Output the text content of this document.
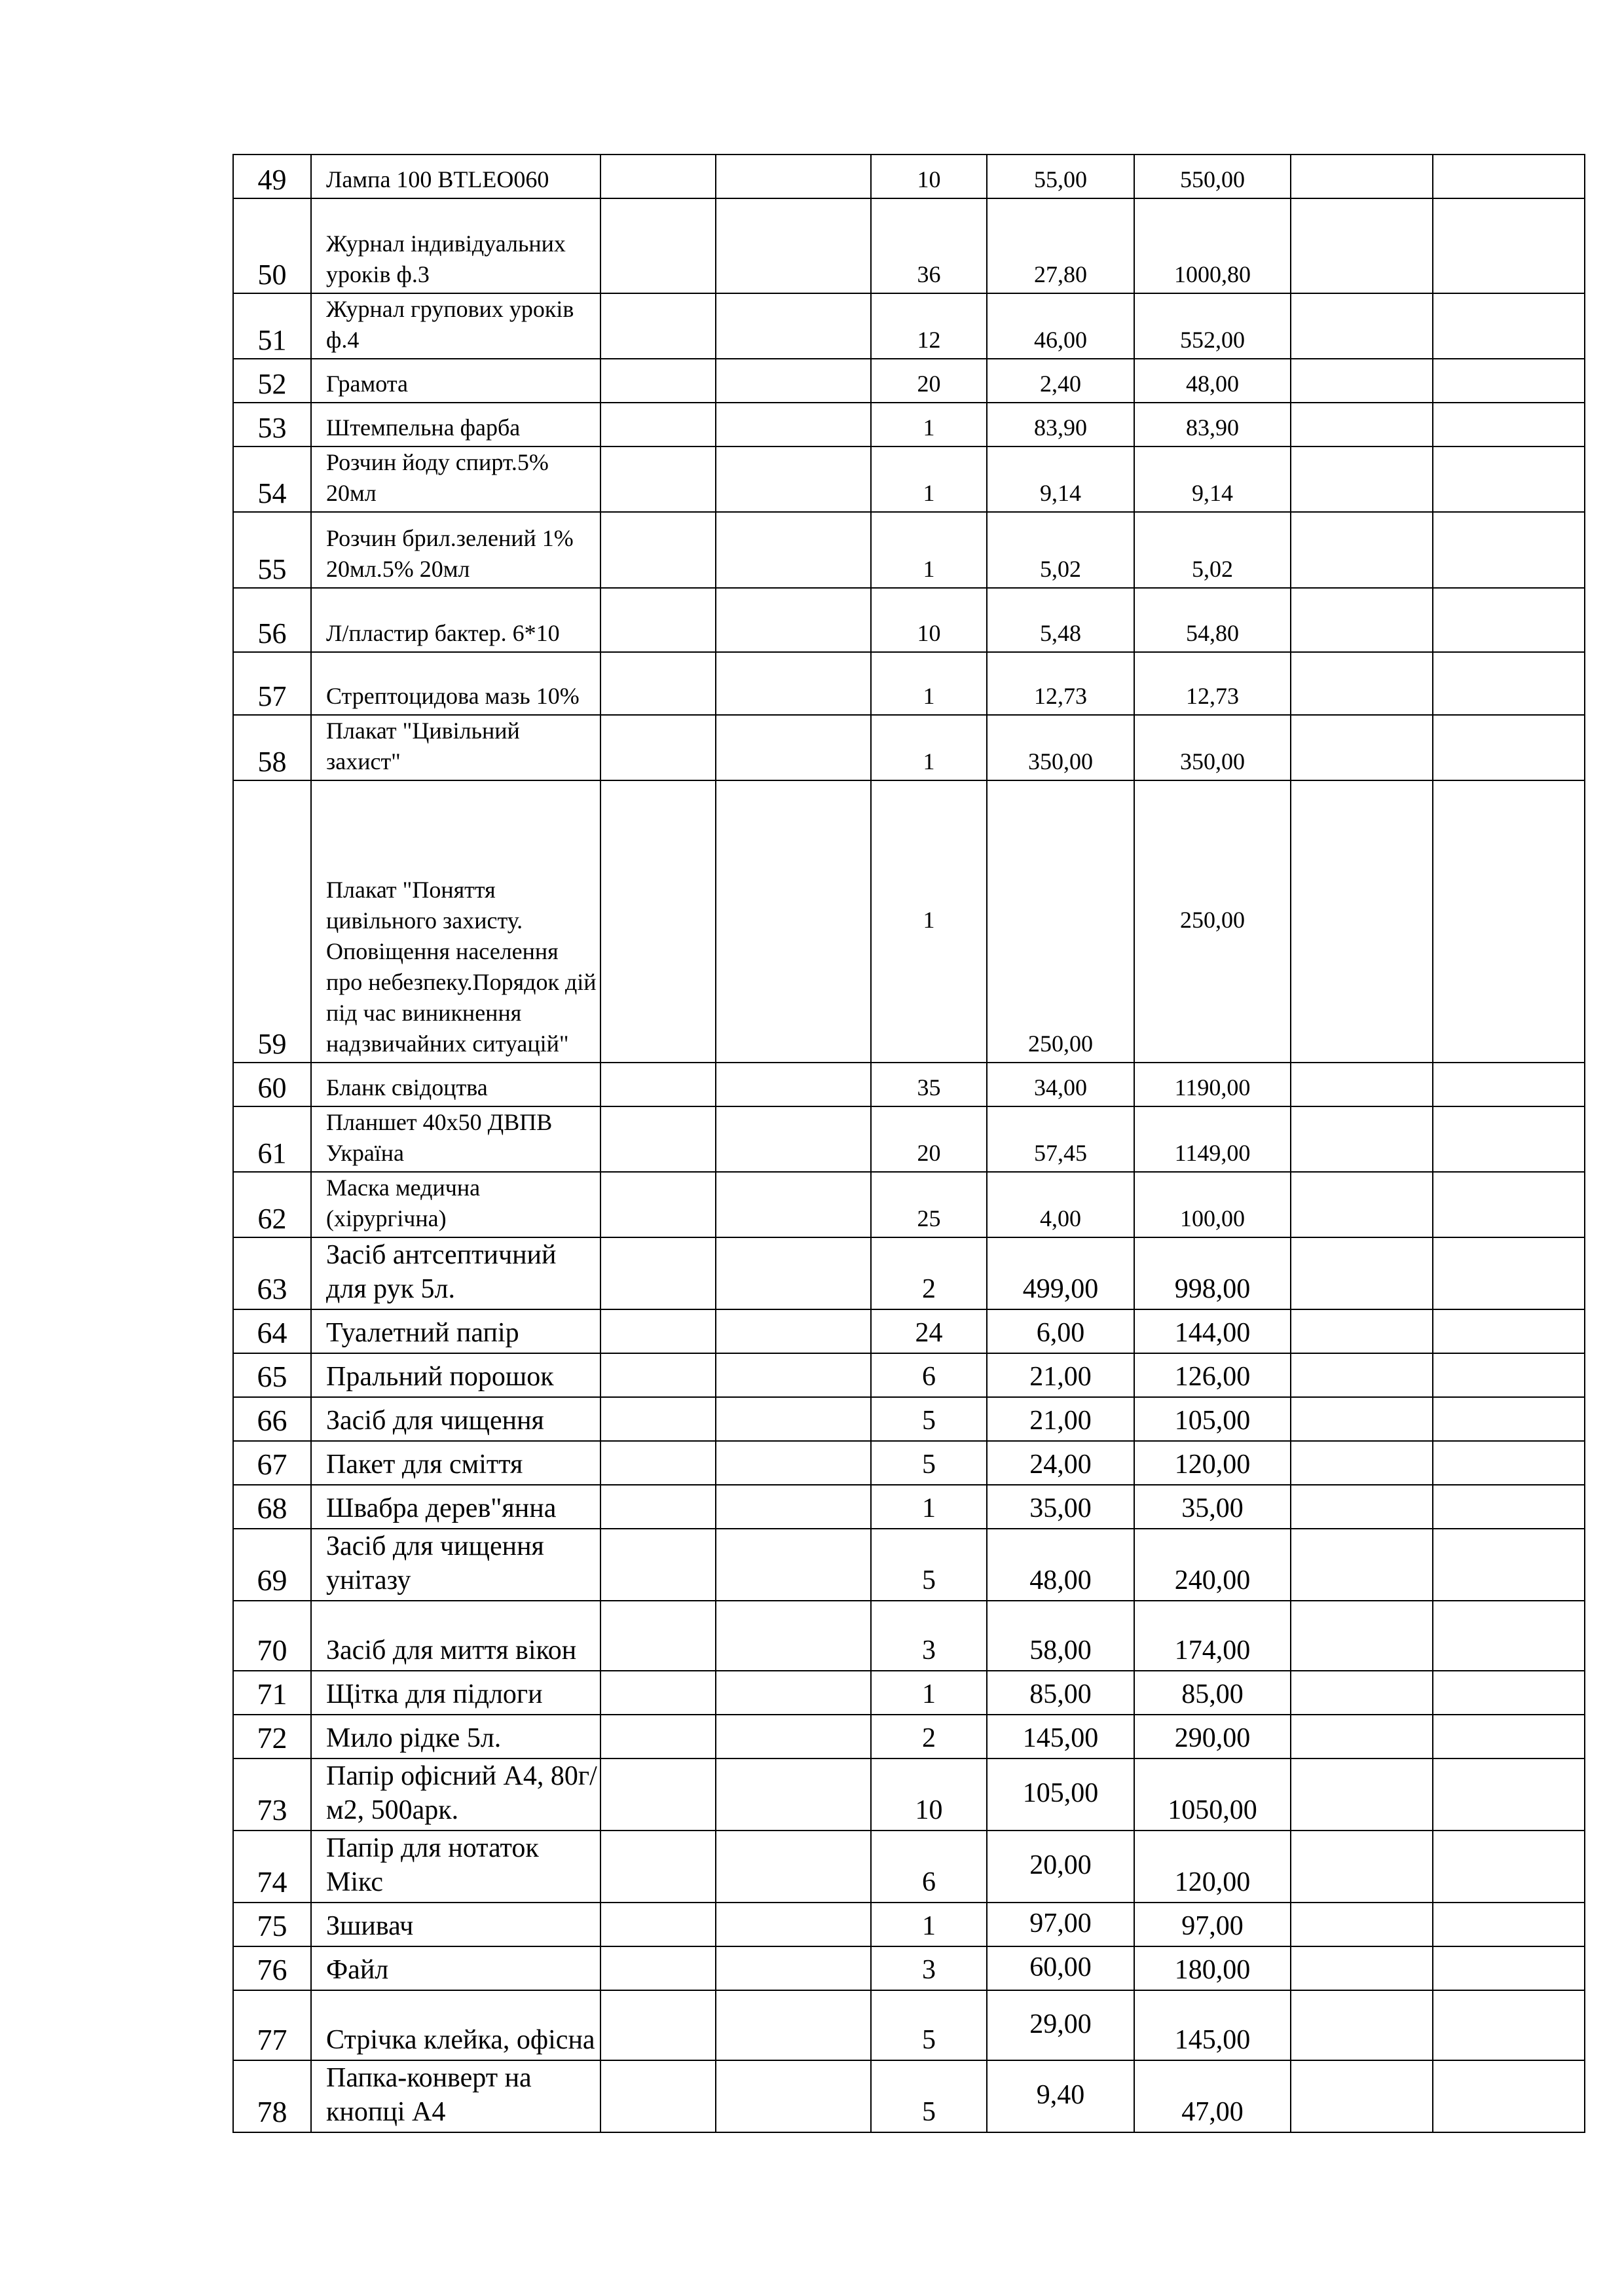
49	Лампа 100 BTLEO060			10	55,00	550,00		
50	Журнал індивідуальних уроків ф.3			36	27,80	1000,80		
51	Журнал групових уроків ф.4			12	46,00	552,00		
52	Грамота			20	2,40	48,00		
53	Штемпельна фарба			1	83,90	83,90		
54	Розчин йоду спирт.5% 20мл			1	9,14	9,14		
55	Розчин брил.зелений 1% 20мл.5% 20мл			1	5,02	5,02		
56	Л/пластир бактер. 6*10			10	5,48	54,80		
57	Стрептоцидова мазь 10%			1	12,73	12,73		
58	Плакат "Цивільний захист"			1	350,00	350,00		
59	Плакат "Поняття цивільного захисту. Оповіщення населення про небезпеку.Порядок дій під час виникнення надзвичайних ситуацій"			1	250,00	250,00		
60	Бланк свідоцтва			35	34,00	1190,00		
61	Планшет 40х50 ДВПВ Україна			20	57,45	1149,00		
62	Маска медична (хірургічна)			25	4,00	100,00		
63	Засіб антсептичний для рук 5л.			2	499,00	998,00		
64	Туалетний папір			24	6,00	144,00		
65	Пральний порошок			6	21,00	126,00		
66	Засіб для чищення			5	21,00	105,00		
67	Пакет для сміття			5	24,00	120,00		
68	Швабра дерев"янна			1	35,00	35,00		
69	Засіб для чищення унітазу			5	48,00	240,00		
70	Засіб для миття вікон			3	58,00	174,00		
71	Щітка для підлоги			1	85,00	85,00		
72	Мило рідке 5л.			2	145,00	290,00		
73	Папір офісний А4, 80г/м2, 500арк.			10	105,00	1050,00		
74	Папір для нотаток Мікс			6	20,00	120,00		
75	Зшивач			1	97,00	97,00		
76	Файл			3	60,00	180,00		
77	Стрічка клейка, офісна			5	29,00	145,00		
78	Папка-конверт на кнопці А4			5	9,40	47,00		
